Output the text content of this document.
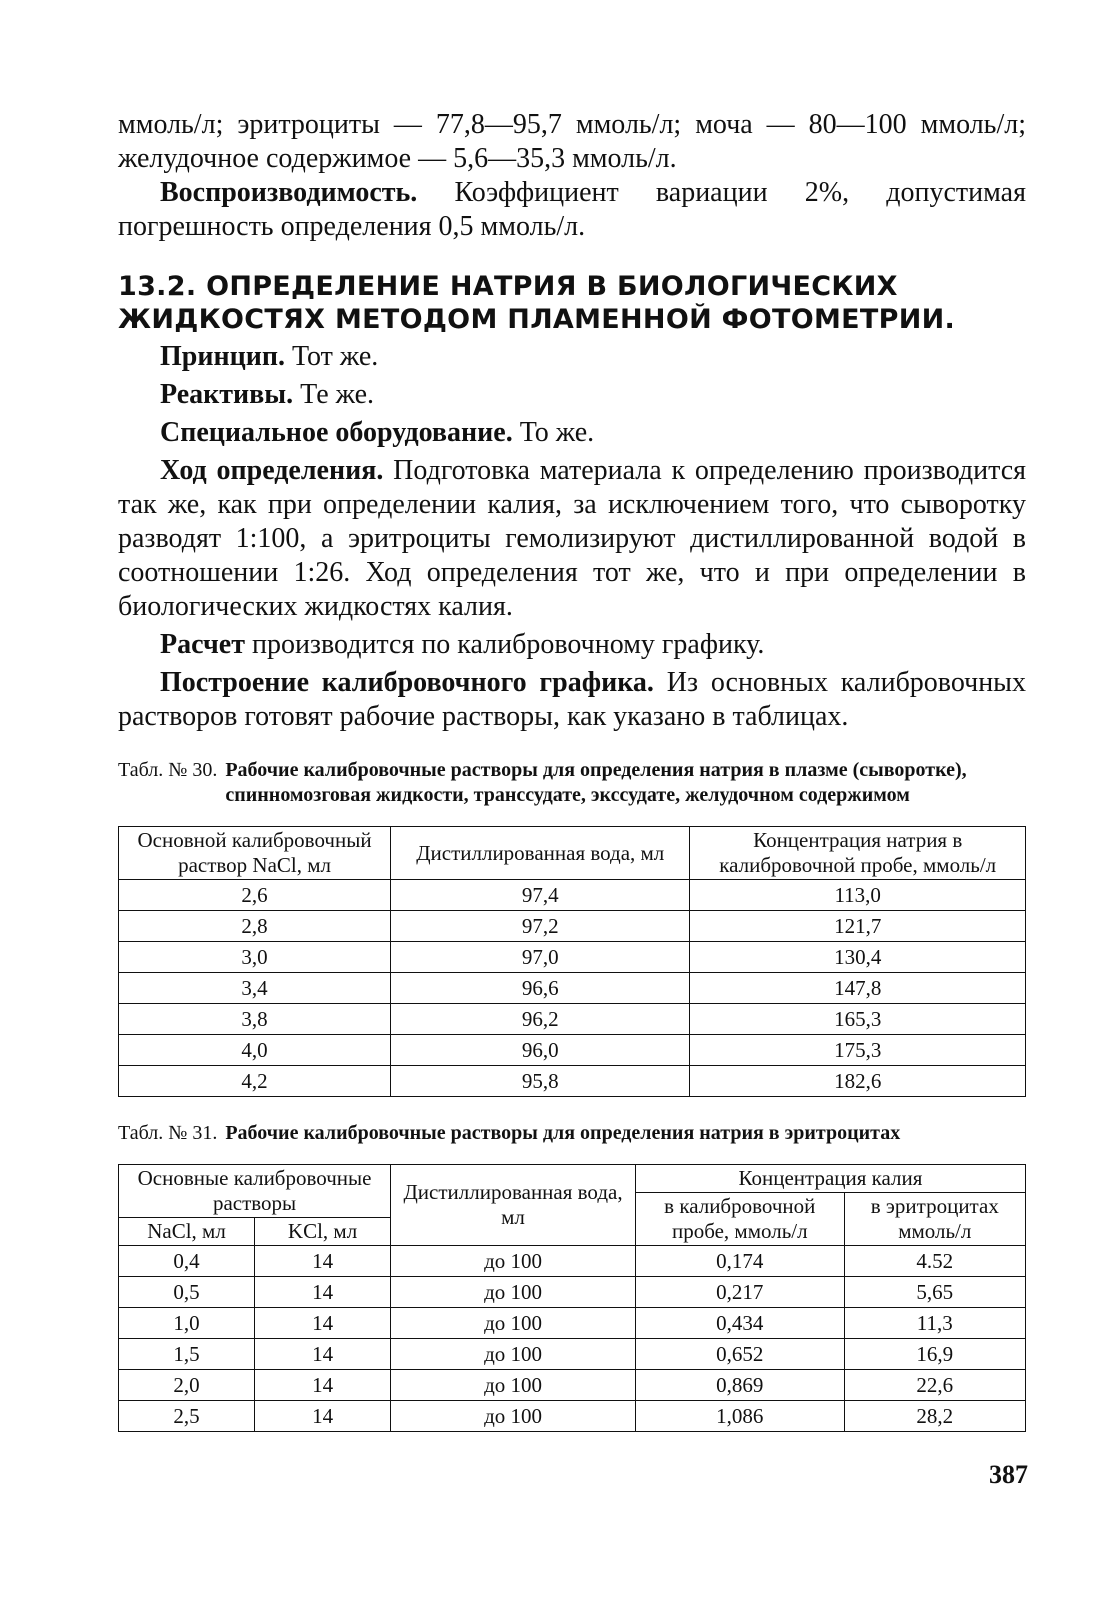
ммоль/л; эритроциты — 77,8—95,7 ммоль/л; моча — 80—100 ммоль/л; желудочное содержимое — 5,6—35,3 ммоль/л.

Воспроизводимость. Коэффициент вариации 2%, допустимая погрешность определения 0,5 ммоль/л.

13.2. ОПРЕДЕЛЕНИЕ НАТРИЯ В БИОЛОГИЧЕСКИХ ЖИДКОСТЯХ МЕТОДОМ ПЛАМЕННОЙ ФОТОМЕТРИИ.

Принцип. Тот же.

Реактивы. Те же.

Специальное оборудование. То же.

Ход определения. Подготовка материала к определению производится так же, как при определении калия, за исключением того, что сыворотку разводят 1:100, а эритроциты гемолизируют дистиллированной водой в соотношении 1:26. Ход определения тот же, что и при определении в биологических жидкостях калия.

Расчет производится по калибровочному графику.

Построение калибровочного графика. Из основных калибровочных растворов готовят рабочие растворы, как указано в таблицах.

Табл. № 30. Рабочие калибровочные растворы для определения натрия в плазме (сыворотке), спинномозговая жидкости, транссудате, экссудате, желудочном содержимом
Основной калибровочный раствор NaCl, мл	Дистиллированная вода, мл	Концентрация натрия в калибровочной пробе, ммоль/л
2,6	97,4	113,0
2,8	97,2	121,7
3,0	97,0	130,4
3,4	96,6	147,8
3,8	96,2	165,3
4,0	96,0	175,3
4,2	95,8	182,6
Табл. № 31. Рабочие калибровочные растворы для определения натрия в эритроцитах
Основные калибровочные растворы		Дистиллированная вода, мл	Концентрация калия	
			в калибровочной пробе, ммоль/л	в эритроцитах ммоль/л
NaCl, мл	KCl, мл			
0,4	14	до 100	0,174	4.52
0,5	14	до 100	0,217	5,65
1,0	14	до 100	0,434	11,3
1,5	14	до 100	0,652	16,9
2,0	14	до 100	0,869	22,6
2,5	14	до 100	1,086	28,2
387
